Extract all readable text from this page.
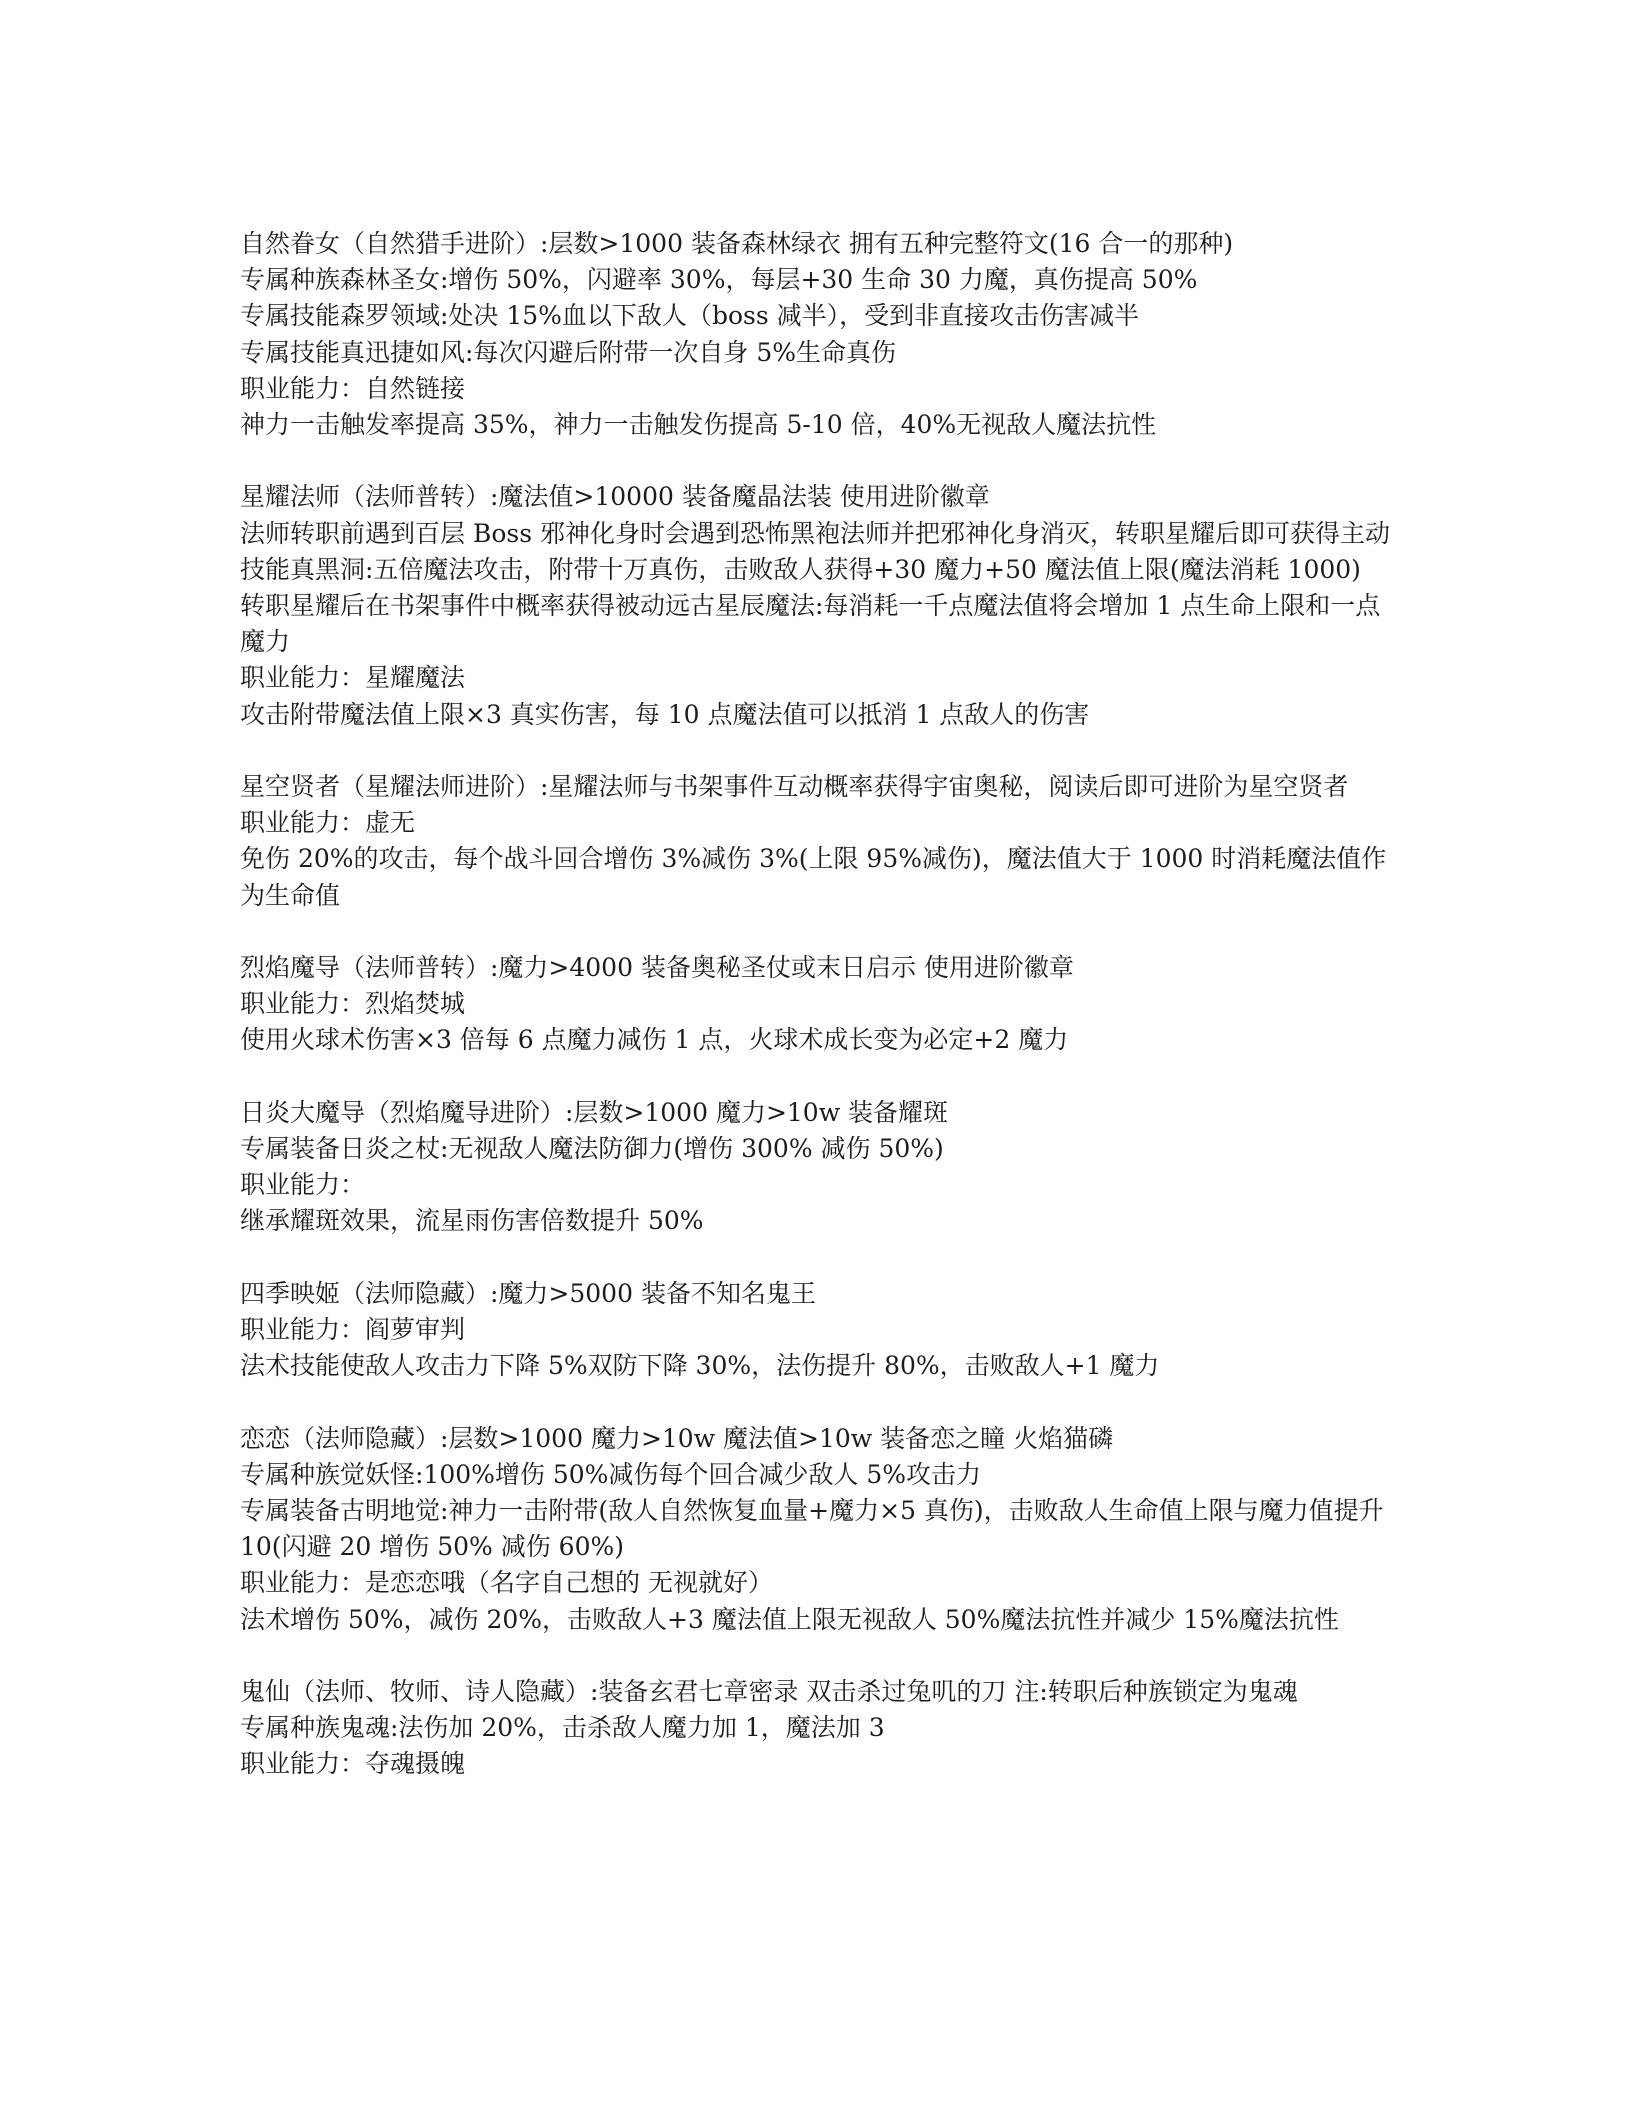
自然眷女（自然猎手进阶）:层数>1000 装备森林绿衣 拥有五种完整符文(16 合一的那种)

专属种族森林圣女:增伤 50%，闪避率 30%，每层+30 生命 30 力魔，真伤提高 50%

专属技能森罗领域:处决 15%血以下敌人（boss 减半），受到非直接攻击伤害减半

专属技能真迅捷如风:每次闪避后附带一次自身 5%生命真伤

职业能力：自然链接

神力一击触发率提高 35%，神力一击触发伤提高 5-10 倍，40%无视敌人魔法抗性

星耀法师（法师普转）:魔法值>10000 装备魔晶法装 使用进阶徽章

法师转职前遇到百层 Boss 邪神化身时会遇到恐怖黑袍法师并把邪神化身消灭，转职星耀后即可获得主动技能真黑洞:五倍魔法攻击，附带十万真伤，击败敌人获得+30 魔力+50 魔法值上限(魔法消耗 1000)

转职星耀后在书架事件中概率获得被动远古星辰魔法:每消耗一千点魔法值将会增加 1 点生命上限和一点魔力

职业能力：星耀魔法

攻击附带魔法值上限×3 真实伤害，每 10 点魔法值可以抵消 1 点敌人的伤害

星空贤者（星耀法师进阶）:星耀法师与书架事件互动概率获得宇宙奥秘，阅读后即可进阶为星空贤者

职业能力：虚无

免伤 20%的攻击，每个战斗回合增伤 3%减伤 3%(上限 95%减伤)，魔法值大于 1000 时消耗魔法值作为生命值

烈焰魔导（法师普转）:魔力>4000 装备奥秘圣仗或末日启示 使用进阶徽章

职业能力：烈焰焚城

使用火球术伤害×3 倍每 6 点魔力减伤 1 点，火球术成长变为必定+2 魔力

日炎大魔导（烈焰魔导进阶）:层数>1000 魔力>10w 装备耀斑

专属装备日炎之杖:无视敌人魔法防御力(增伤 300% 减伤 50%)

职业能力：

继承耀斑效果，流星雨伤害倍数提升 50%

四季映姬（法师隐藏）:魔力>5000 装备不知名鬼王

职业能力：阎萝审判

法术技能使敌人攻击力下降 5%双防下降 30%，法伤提升 80%，击败敌人+1 魔力

恋恋（法师隐藏）:层数>1000 魔力>10w 魔法值>10w 装备恋之瞳 火焰猫磷

专属种族觉妖怪:100%增伤 50%减伤每个回合减少敌人 5%攻击力

专属装备古明地觉:神力一击附带(敌人自然恢复血量+魔力×5 真伤)，击败敌人生命值上限与魔力值提升 10(闪避 20 增伤 50% 减伤 60%)

职业能力：是恋恋哦（名字自己想的 无视就好）

法术增伤 50%，减伤 20%，击败敌人+3 魔法值上限无视敌人 50%魔法抗性并减少 15%魔法抗性

鬼仙（法师、牧师、诗人隐藏）:装备玄君七章密录 双击杀过兔叽的刀 注:转职后种族锁定为鬼魂

专属种族鬼魂:法伤加 20%，击杀敌人魔力加 1，魔法加 3

职业能力：夺魂摄魄
